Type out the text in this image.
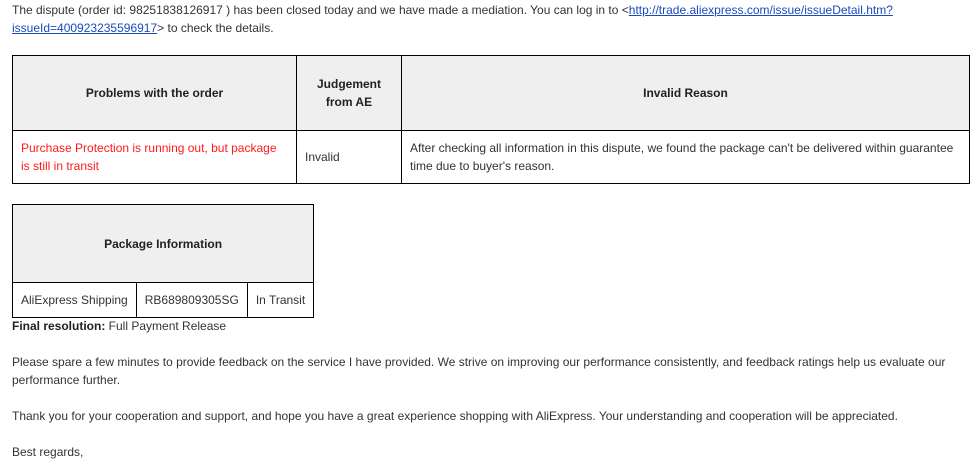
The dispute (order id: 98251838126917 ) has been closed today and we have made a mediation. You can log in to <http://trade.aliexpress.com/issue/issueDetail.htm?issueId=400923235596917> to check the details.

Problems with the order	Judgement from AE	Invalid Reason
Purchase Protection is running out, but package is still in transit	Invalid	After checking all information in this dispute, we found the package can't be delivered within guarantee time due to buyer's reason.
Package Information
AliExpress Shipping	RB689809305SG	In Transit

Final resolution: Full Payment Release

Please spare a few minutes to provide feedback on the service I have provided. We strive on improving our performance consistently, and feedback ratings help us evaluate our performance further.

Thank you for your cooperation and support, and hope you have a great experience shopping with AliExpress. Your understanding and cooperation will be appreciated.

Best regards,
